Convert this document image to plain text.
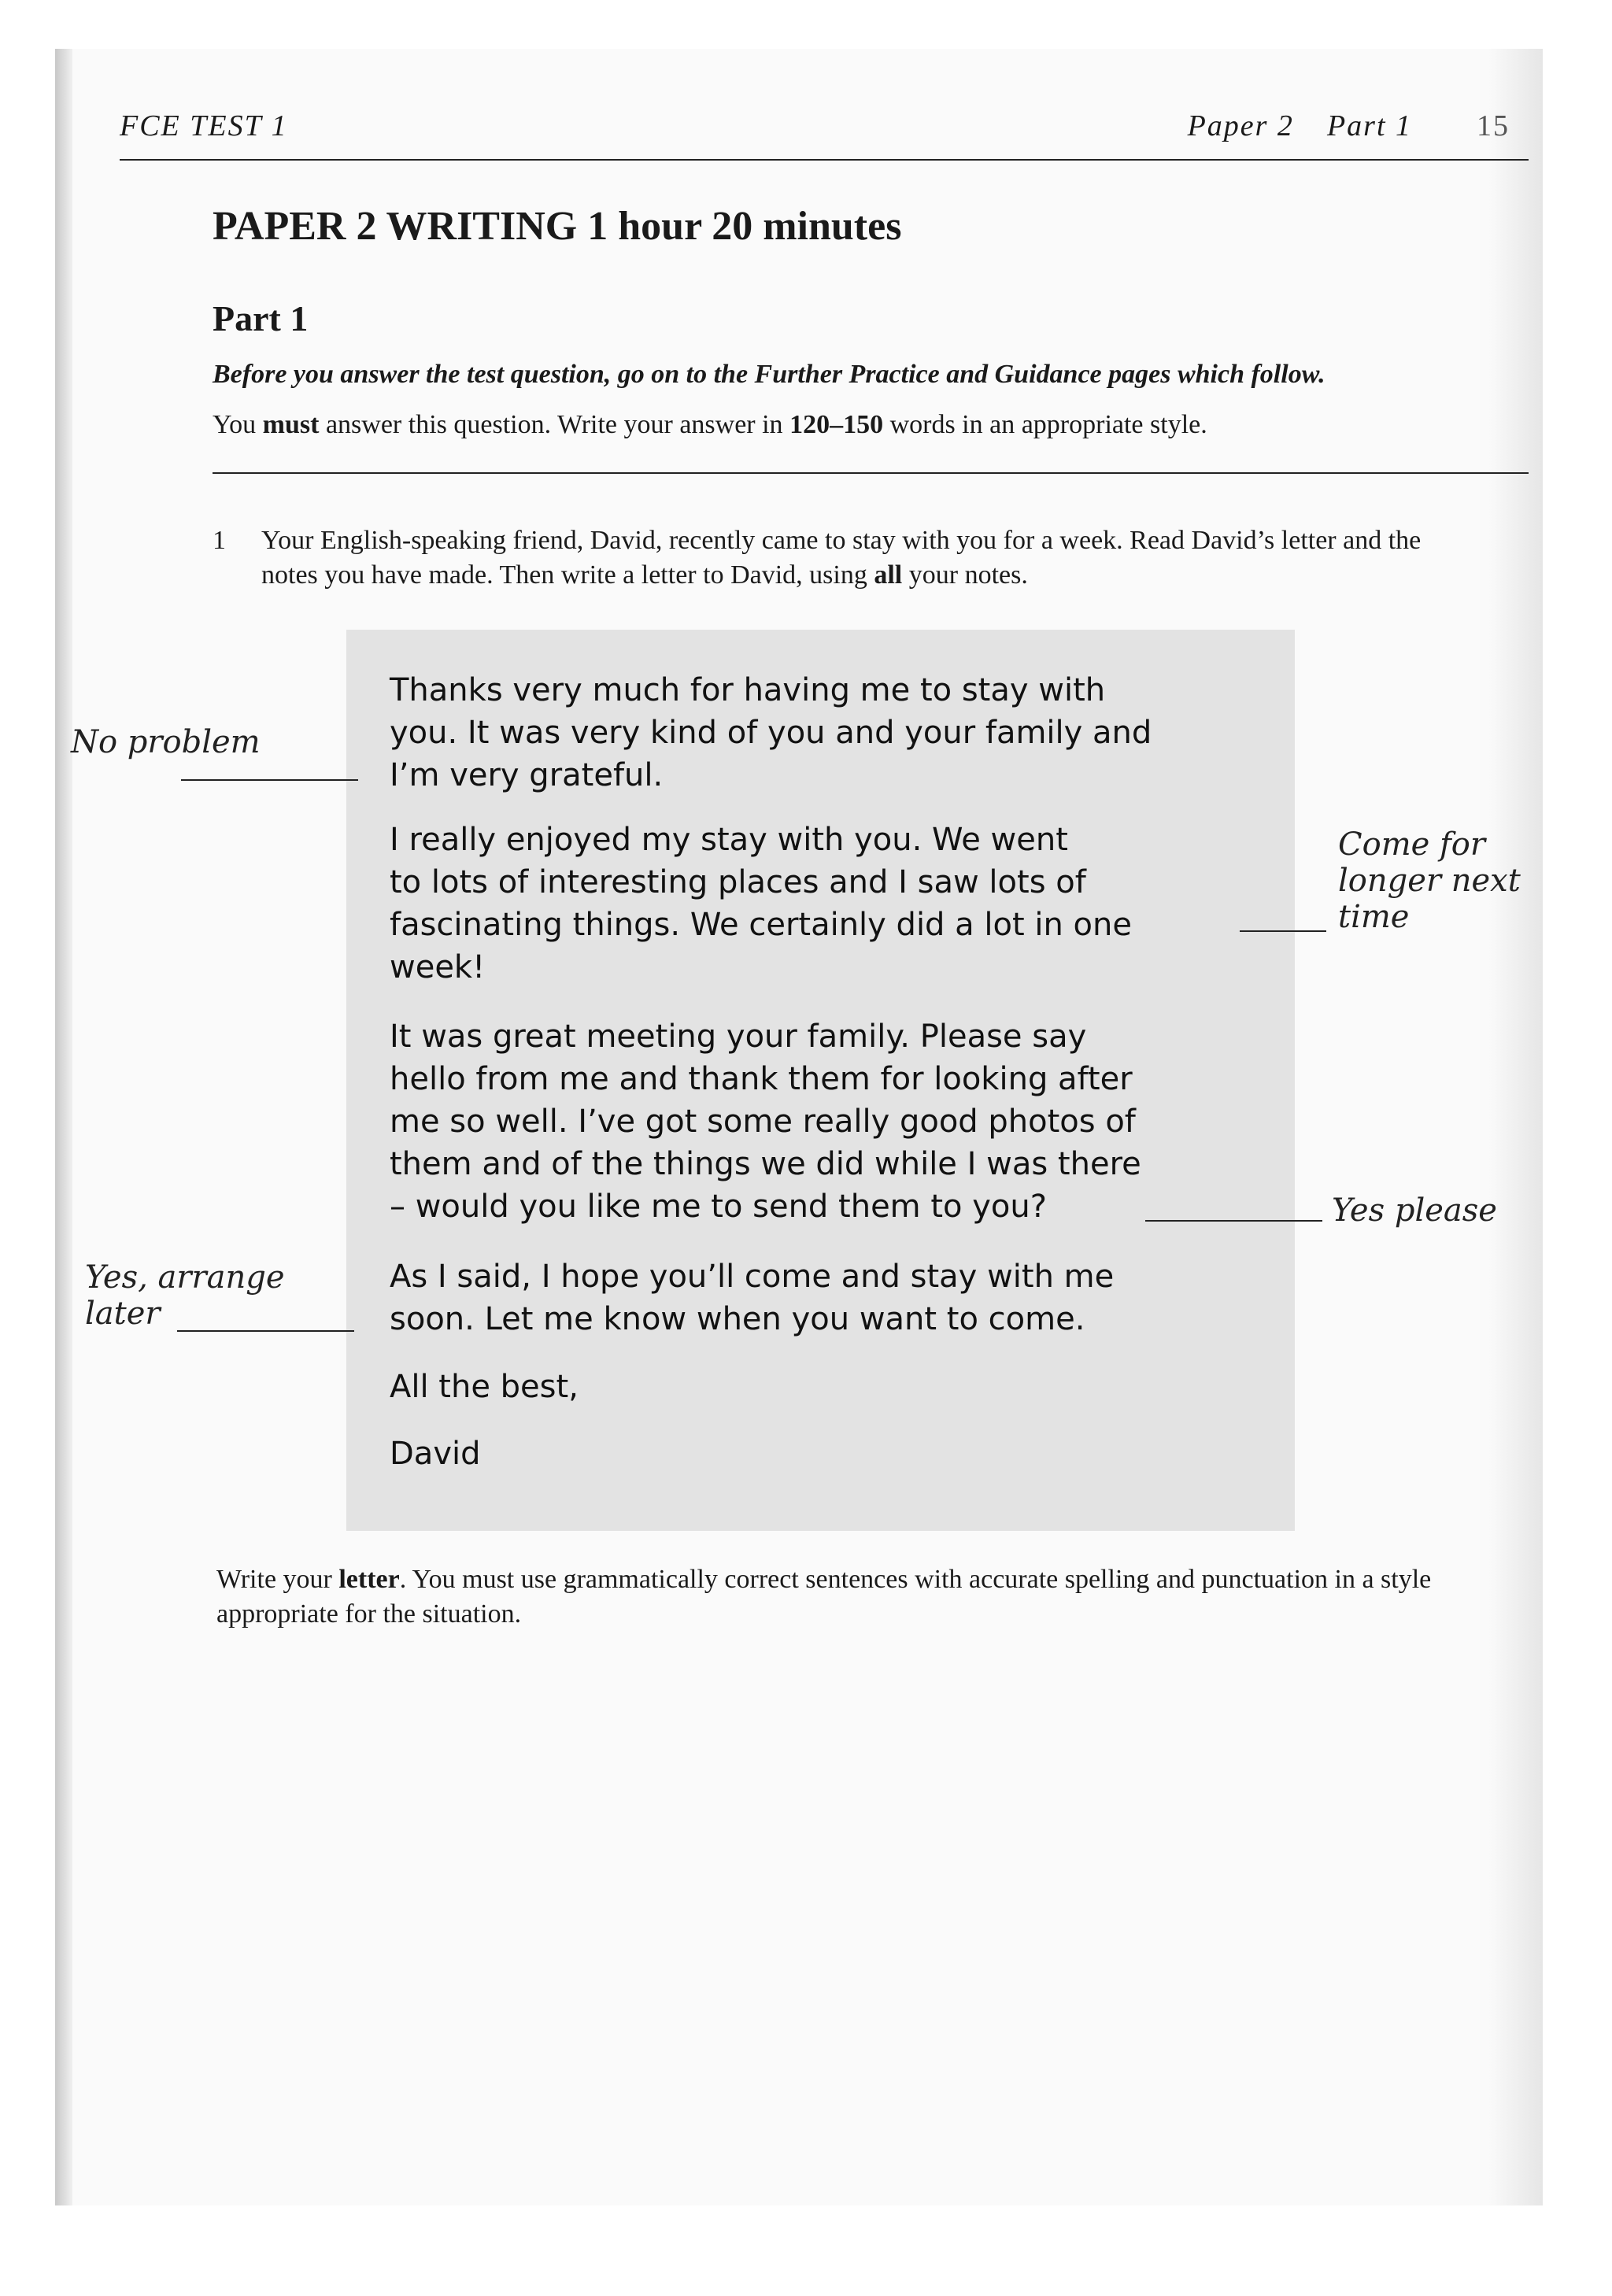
FCE TEST 1	Paper 2 Part 1 15
PAPER 2 WRITING 1 hour 20 minutes
Part 1
Before you answer the test question, go on to the Further Practice and Guidance pages which follow.
You must answer this question. Write your answer in 120–150 words in an appropriate style.
1 Your English-speaking friend, David, recently came to stay with you for a week. Read David’s letter and the notes you have made. Then write a letter to David, using all your notes.
Thanks very much for having me to stay with
you. It was very kind of you and your family and
I’m very grateful.
I really enjoyed my stay with you. We went
to lots of interesting places and I saw lots of
fascinating things. We certainly did a lot in one
week!
It was great meeting your family. Please say
hello from me and thank them for looking after
me so well. I’ve got some really good photos of
them and of the things we did while I was there
– would you like me to send them to you?
As I said, I hope you’ll come and stay with me
soon. Let me know when you want to come.
All the best,
David
No problem
Come for
longer next
time
Yes please
Yes, arrange
later
Write your letter. You must use grammatically correct sentences with accurate spelling and punctuation in a style appropriate for the situation.
